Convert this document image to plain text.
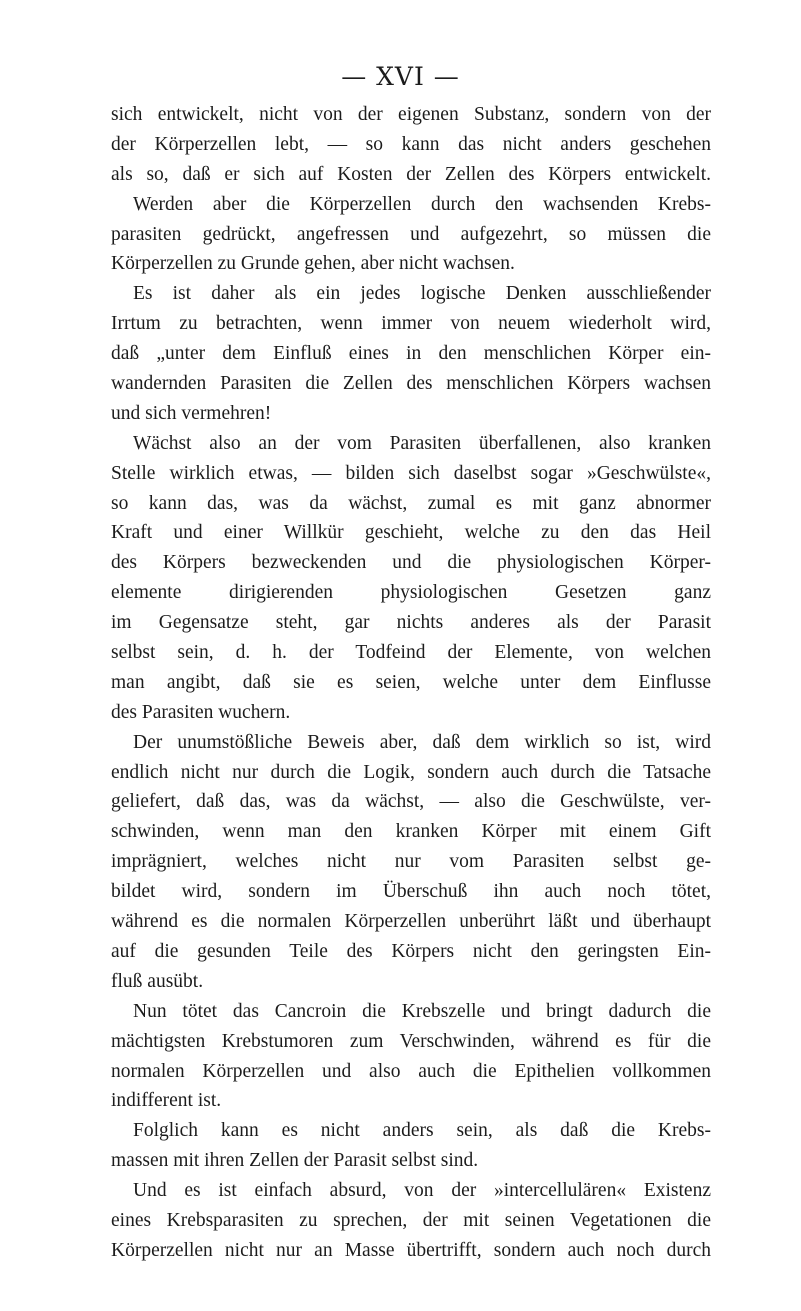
— XVI —
sich entwickelt, nicht von der eigenen Substanz, sondern von der
der Körperzellen lebt, — so kann das nicht anders geschehen
als so, daß er sich auf Kosten der Zellen des Körpers entwickelt.
Werden aber die Körperzellen durch den wachsenden Krebs-
parasiten gedrückt, angefressen und aufgezehrt, so müssen die
Körperzellen zu Grunde gehen, aber nicht wachsen.
Es ist daher als ein jedes logische Denken ausschließender
Irrtum zu betrachten, wenn immer von neuem wiederholt wird,
daß „unter dem Einfluß eines in den menschlichen Körper ein-
wandernden Parasiten die Zellen des menschlichen Körpers wachsen
und sich vermehren!
Wächst also an der vom Parasiten überfallenen, also kranken
Stelle wirklich etwas, — bilden sich daselbst sogar »Geschwülste«,
so kann das, was da wächst, zumal es mit ganz abnormer
Kraft und einer Willkür geschieht, welche zu den das Heil
des Körpers bezweckenden und die physiologischen Körper-
elemente dirigierenden physiologischen Gesetzen ganz
im Gegensatze steht, gar nichts anderes als der Parasit
selbst sein, d. h. der Todfeind der Elemente, von welchen
man angibt, daß sie es seien, welche unter dem Einflusse
des Parasiten wuchern.
Der unumstößliche Beweis aber, daß dem wirklich so ist, wird
endlich nicht nur durch die Logik, sondern auch durch die Tatsache
geliefert, daß das, was da wächst, — also die Geschwülste, ver-
schwinden, wenn man den kranken Körper mit einem Gift
imprägniert, welches nicht nur vom Parasiten selbst ge-
bildet wird, sondern im Überschuß ihn auch noch tötet,
während es die normalen Körperzellen unberührt läßt und überhaupt
auf die gesunden Teile des Körpers nicht den geringsten Ein-
fluß ausübt.
Nun tötet das Cancroin die Krebszelle und bringt dadurch die
mächtigsten Krebstumoren zum Verschwinden, während es für die
normalen Körperzellen und also auch die Epithelien vollkommen
indifferent ist.
Folglich kann es nicht anders sein, als daß die Krebs-
massen mit ihren Zellen der Parasit selbst sind.
Und es ist einfach absurd, von der »intercellulären« Existenz
eines Krebsparasiten zu sprechen, der mit seinen Vegetationen die
Körperzellen nicht nur an Masse übertrifft, sondern auch noch durch
